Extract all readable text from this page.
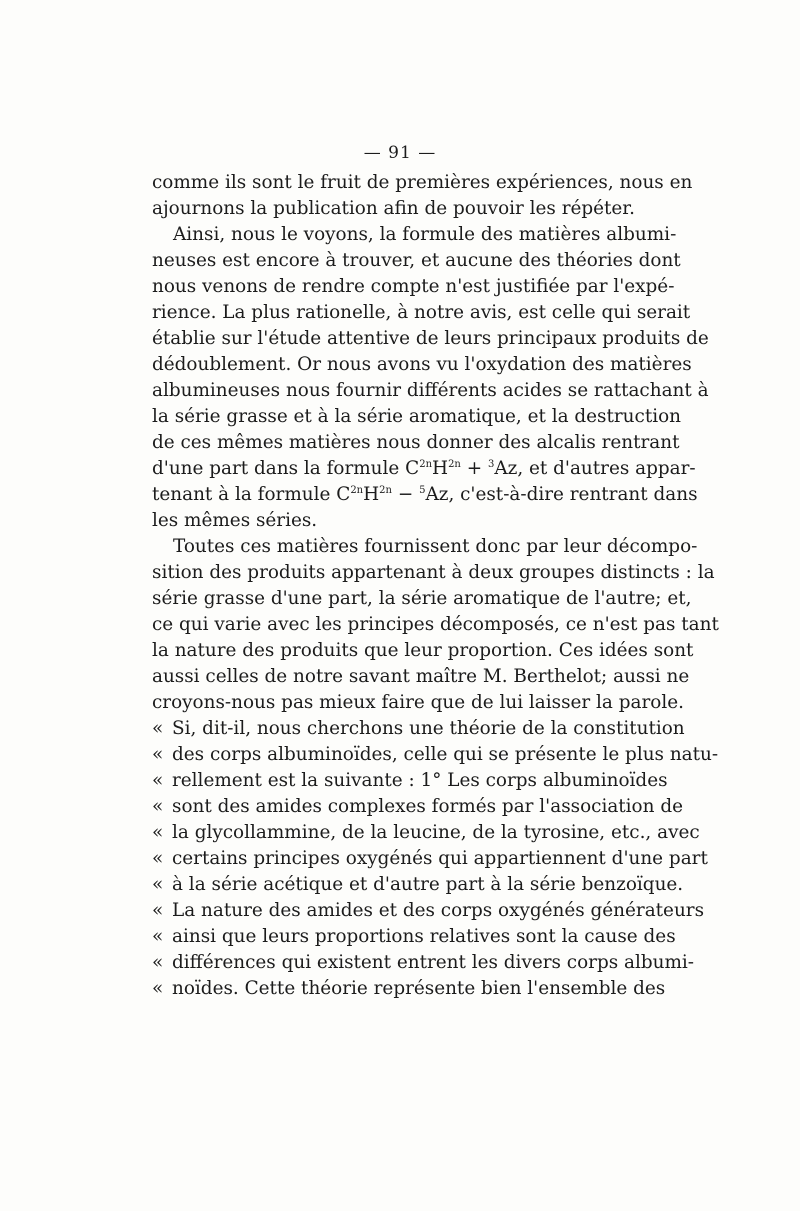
— 91 —
comme ils sont le fruit de premières expériences, nous en
ajournons la publication afin de pouvoir les répéter.
Ainsi, nous le voyons, la formule des matières albumi-
neuses est encore à trouver, et aucune des théories dont
nous venons de rendre compte n'est justifiée par l'expé-
rience. La plus rationelle, à notre avis, est celle qui serait
établie sur l'étude attentive de leurs principaux produits de
dédoublement. Or nous avons vu l'oxydation des matières
albumineuses nous fournir différents acides se rattachant à
la série grasse et à la série aromatique, et la destruction
de ces mêmes matières nous donner des alcalis rentrant
d'une part dans la formule $C^{2n}H^{2n} + ^3Az$, et d'autres appar-
tenant à la formule $C^{2n}H^{2n} - ^5Az$, c'est-à-dire rentrant dans
les mêmes séries.
Toutes ces matières fournissent donc par leur décompo-
sition des produits appartenant à deux groupes distincts : la
série grasse d'une part, la série aromatique de l'autre; et,
ce qui varie avec les principes décomposés, ce n'est pas tant
la nature des produits que leur proportion. Ces idées sont
aussi celles de notre savant maître M. Berthelot; aussi ne
croyons-nous pas mieux faire que de lui laisser la parole.
« Si, dit-il, nous cherchons une théorie de la constitution
« des corps albuminoïdes, celle qui se présente le plus natu-
« rellement est la suivante : 1° Les corps albuminoïdes
« sont des amides complexes formés par l'association de
« la glycollammine, de la leucine, de la tyrosine, etc., avec
« certains principes oxygénés qui appartiennent d'une part
« à la série acétique et d'autre part à la série benzoïque.
« La nature des amides et des corps oxygénés générateurs
« ainsi que leurs proportions relatives sont la cause des
« différences qui existent entrent les divers corps albumi-
« noïdes. Cette théorie représente bien l'ensemble des
